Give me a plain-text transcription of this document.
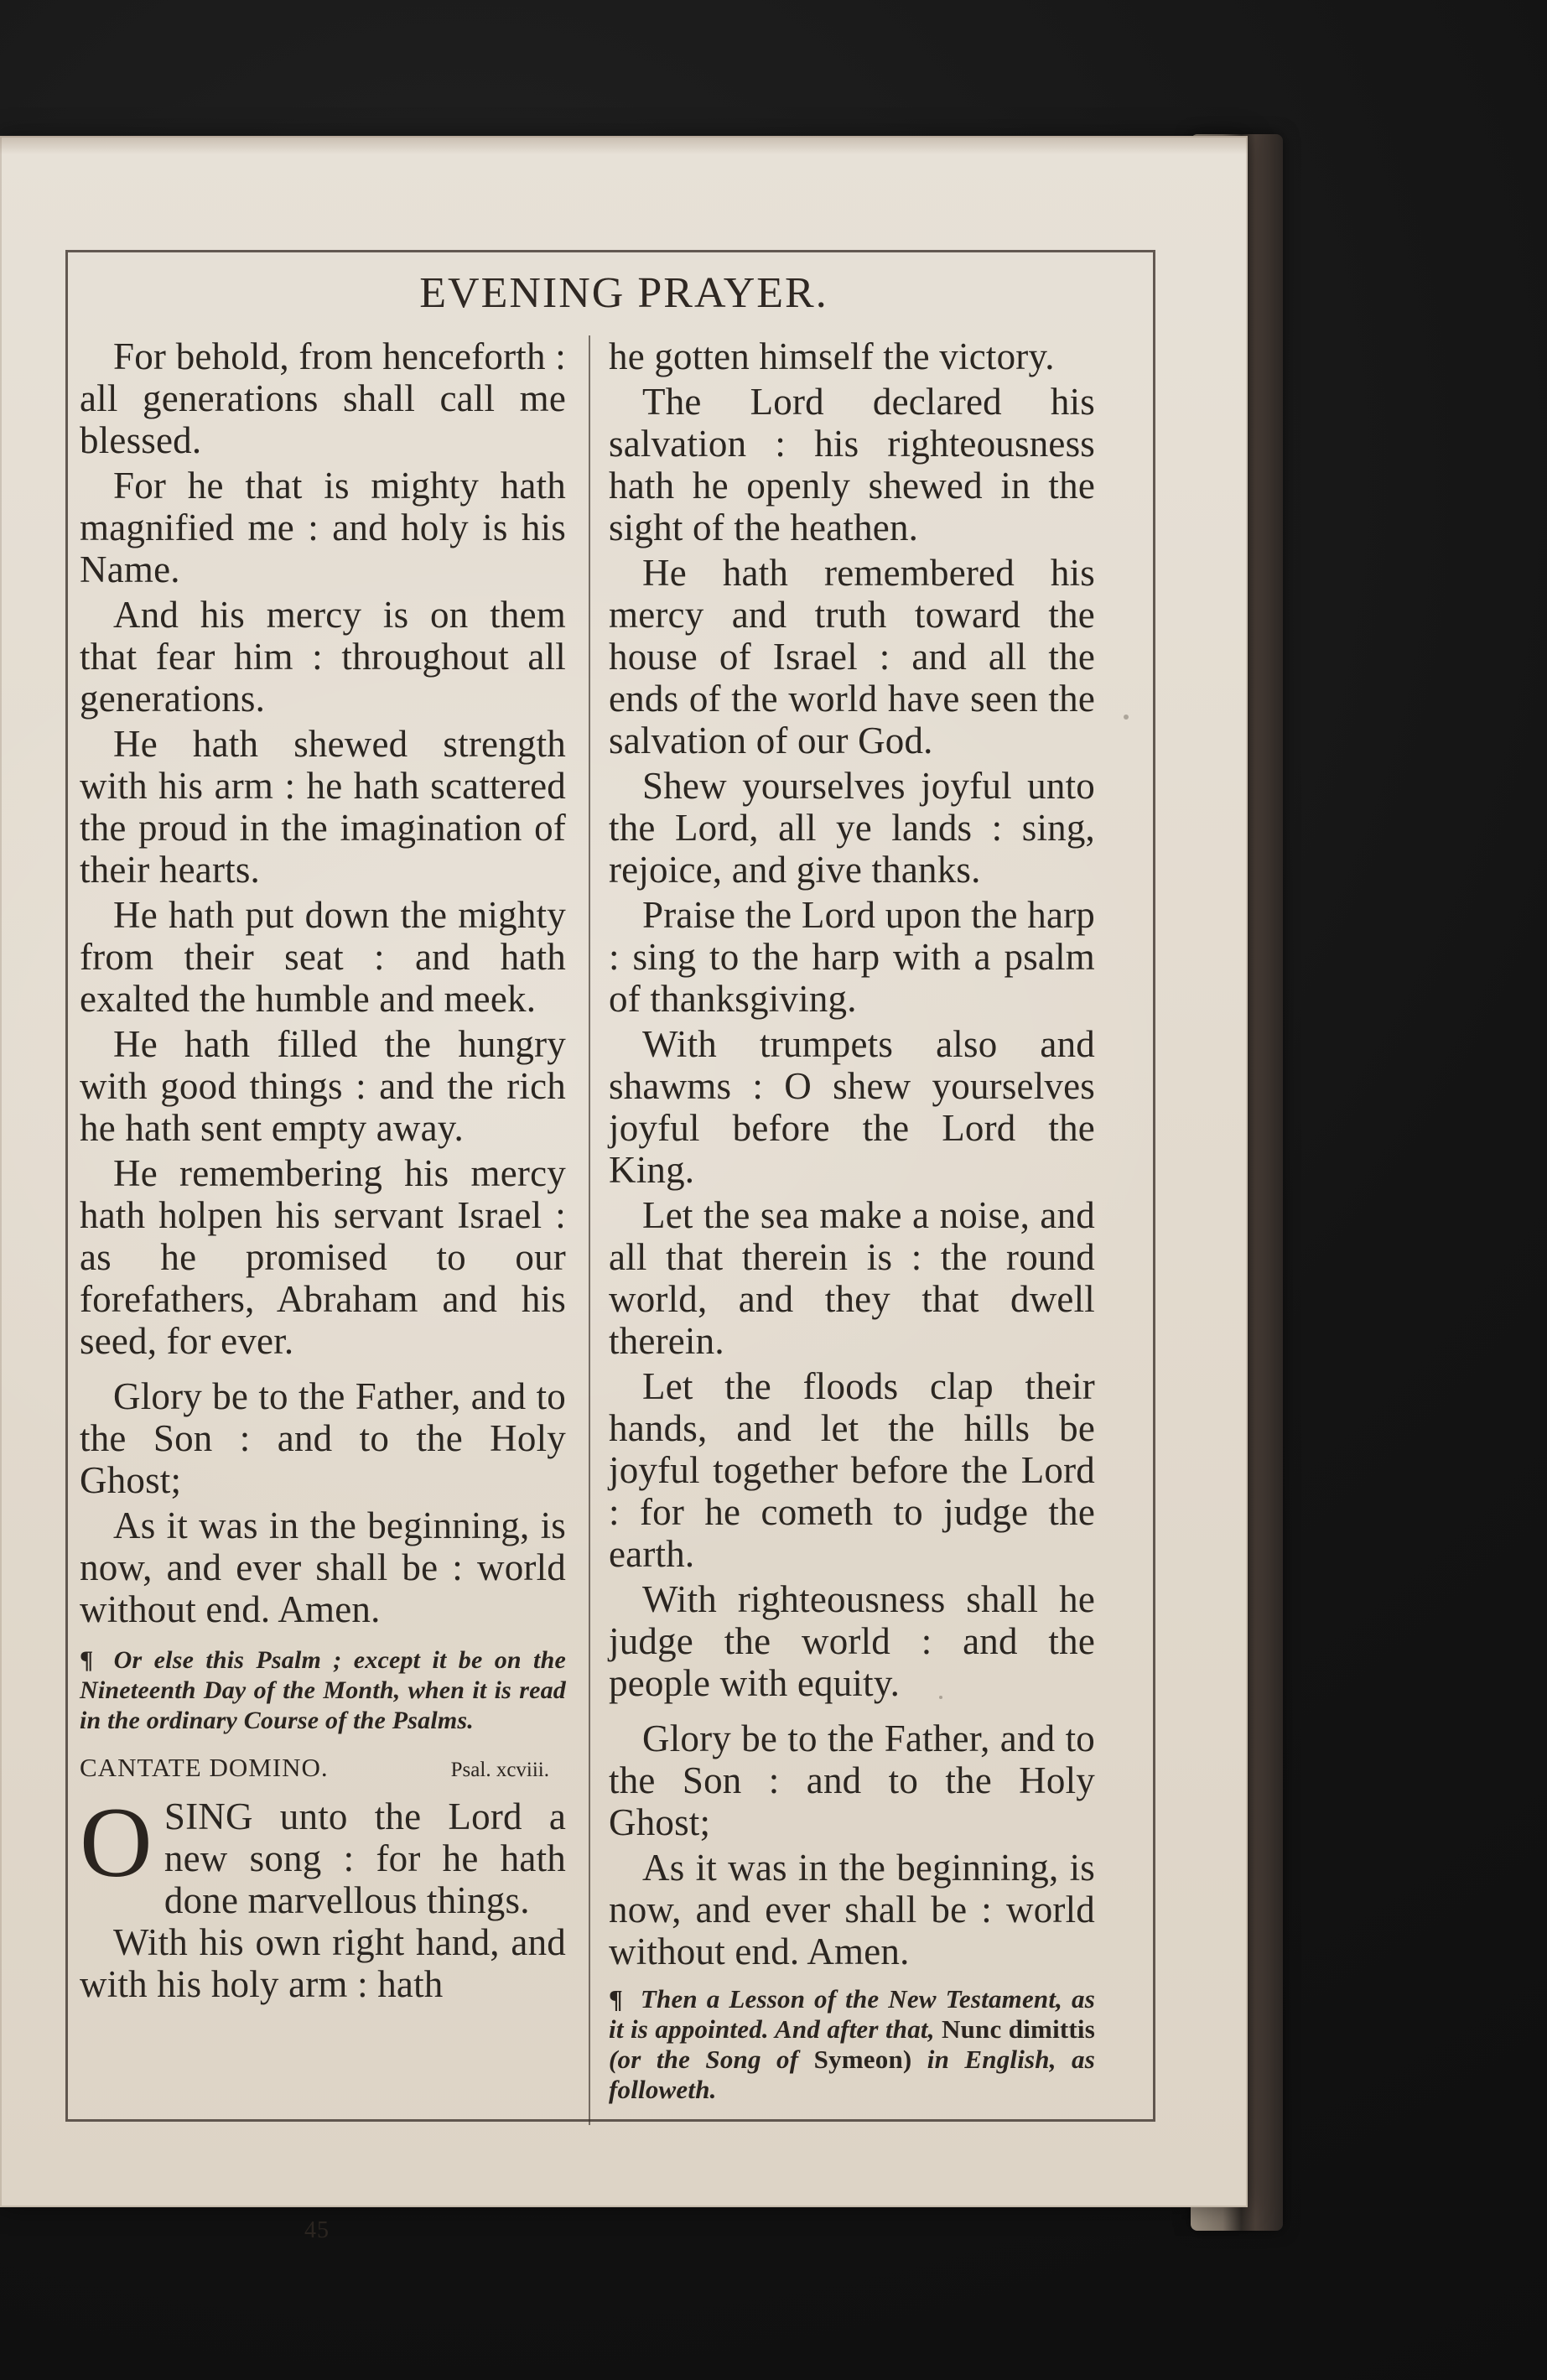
EVENING PRAYER.

For behold, from henceforth : all generations shall call me blessed.

For he that is mighty hath magnified me : and holy is his Name.

And his mercy is on them that fear him : throughout all generations.

He hath shewed strength with his arm : he hath scattered the proud in the imagination of their hearts.

He hath put down the mighty from their seat : and hath exalted the humble and meek.

He hath filled the hungry with good things : and the rich he hath sent empty away.

He remembering his mercy hath holpen his servant Israel : as he promised to our forefathers, Abraham and his seed, for ever.

Glory be to the Father, and to the Son : and to the Holy Ghost;

As it was in the beginning, is now, and ever shall be : world without end. Amen.

¶ Or else this Psalm ; except it be on the Nineteenth Day of the Month, when it is read in the ordinary Course of the Psalms.

CANTATE DOMINO.	Psal. xcviii.
O SING unto the Lord a new song : for he hath done marvellous things.

With his own right hand, and with his holy arm : hath

he gotten himself the victory.

The Lord declared his salvation : his righteousness hath he openly shewed in the sight of the heathen.

He hath remembered his mercy and truth toward the house of Israel : and all the ends of the world have seen the salvation of our God.

Shew yourselves joyful unto the Lord, all ye lands : sing, rejoice, and give thanks.

Praise the Lord upon the harp : sing to the harp with a psalm of thanksgiving.

With trumpets also and shawms : O shew yourselves joyful before the Lord the King.

Let the sea make a noise, and all that therein is : the round world, and they that dwell therein.

Let the floods clap their hands, and let the hills be joyful together before the Lord : for he cometh to judge the earth.

With righteousness shall he judge the world : and the people with equity.

Glory be to the Father, and to the Son : and to the Holy Ghost;

As it was in the beginning, is now, and ever shall be : world without end. Amen.

¶ Then a Lesson of the New Testament, as it is appointed. And after that, Nunc dimittis (or the Song of Symeon) in English, as followeth.

45
